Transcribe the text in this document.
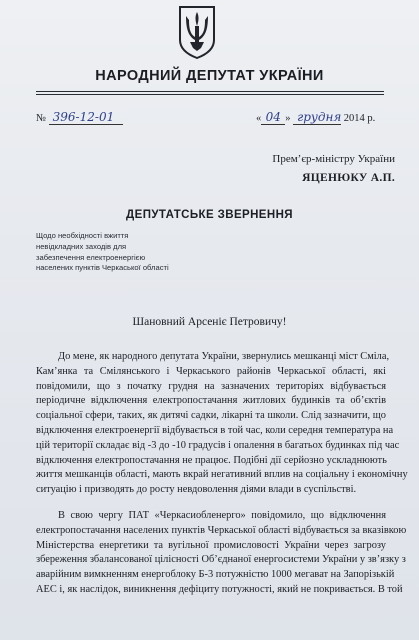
НАРОДНИЙ ДЕПУТАТ УКРАЇНИ
№ 396-12-01	« 04 » грудня 2014 р.
Прем’єр-міністру України
ЯЦЕНЮКУ А.П.
ДЕПУТАТСЬКЕ ЗВЕРНЕННЯ
Щодо необхідності вжиття
невідкладних заходів для
забезпечення електроенергією
населених пунктів Черкаської області
Шановний Арсеніє Петровичу!
До мене, як народного депутата України, звернулись мешканці міст Сміла,
Кам’янка та Смілянського і Черкаського районів Черкаської області, які
повідомили, що з початку грудня на зазначених територіях відбувається
періодичне відключення електропостачання житлових будинків та об’єктів
соціальної сфери, таких, як дитячі садки, лікарні та школи. Слід зазначити, що
відключення електроенергії відбувається в той час, коли середня температура на
цій території складає від -3 до -10 градусів і опалення в багатьох будинках під час
відключення електропостачання не працює. Подібні дії серйозно ускладнюють
життя мешканців області, мають вкрай негативний вплив на соціальну і економічну
ситуацію і призводять до росту невдоволення діями влади в суспільстві.
В свою чергу ПАТ «Черкасиобленерго» повідомило, що відключення
електропостачання населених пунктів Черкаської області відбувається за вказівкою
Міністерства енергетики та вугільної промисловості України через загрозу
збереження збалансованої цілісності Об’єднаної енергосистеми України у зв’язку з
аварійним вимкненням енергоблоку Б-3 потужністю 1000 мегават на Запорізькій
АЕС і, як наслідок, виникнення дефіциту потужності, який не покривається. В той
